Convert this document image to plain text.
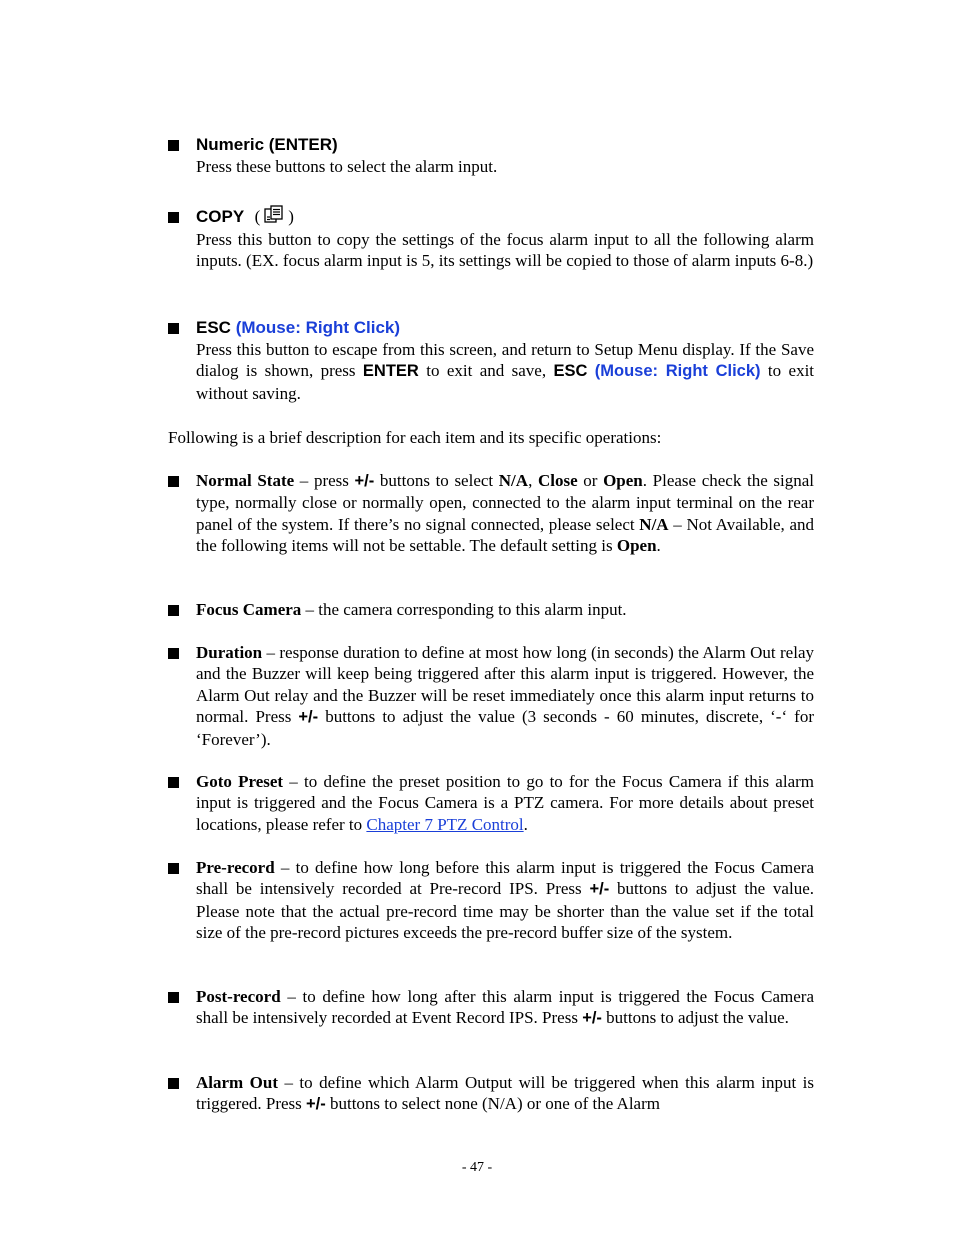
Numeric (ENTER)
Press these buttons to select the alarm input.
COPY ( )
Press this button to copy the settings of the focus alarm input to all the following alarm inputs. (EX. focus alarm input is 5, its settings will be copied to those of alarm inputs 6-8.)
ESC (Mouse: Right Click)
Press this button to escape from this screen, and return to Setup Menu display. If the Save dialog is shown, press ENTER to exit and save, ESC (Mouse: Right Click) to exit without saving.
Following is a brief description for each item and its specific operations:
Normal State – press +/- buttons to select N/A, Close or Open. Please check the signal type, normally close or normally open, connected to the alarm input terminal on the rear panel of the system. If there’s no signal connected, please select N/A – Not Available, and the following items will not be settable. The default setting is Open.
Focus Camera – the camera corresponding to this alarm input.
Duration – response duration to define at most how long (in seconds) the Alarm Out relay and the Buzzer will keep being triggered after this alarm input is triggered. However, the Alarm Out relay and the Buzzer will be reset immediately once this alarm input returns to normal. Press +/- buttons to adjust the value (3 seconds - 60 minutes, discrete, ‘-‘ for ‘Forever’).
Goto Preset – to define the preset position to go to for the Focus Camera if this alarm input is triggered and the Focus Camera is a PTZ camera. For more details about preset locations, please refer to Chapter 7 PTZ Control.
Pre-record – to define how long before this alarm input is triggered the Focus Camera shall be intensively recorded at Pre-record IPS. Press +/- buttons to adjust the value. Please note that the actual pre-record time may be shorter than the value set if the total size of the pre-record pictures exceeds the pre-record buffer size of the system.
Post-record – to define how long after this alarm input is triggered the Focus Camera shall be intensively recorded at Event Record IPS. Press +/- buttons to adjust the value.
Alarm Out – to define which Alarm Output will be triggered when this alarm input is triggered. Press +/- buttons to select none (N/A) or one of the Alarm
- 47 -
